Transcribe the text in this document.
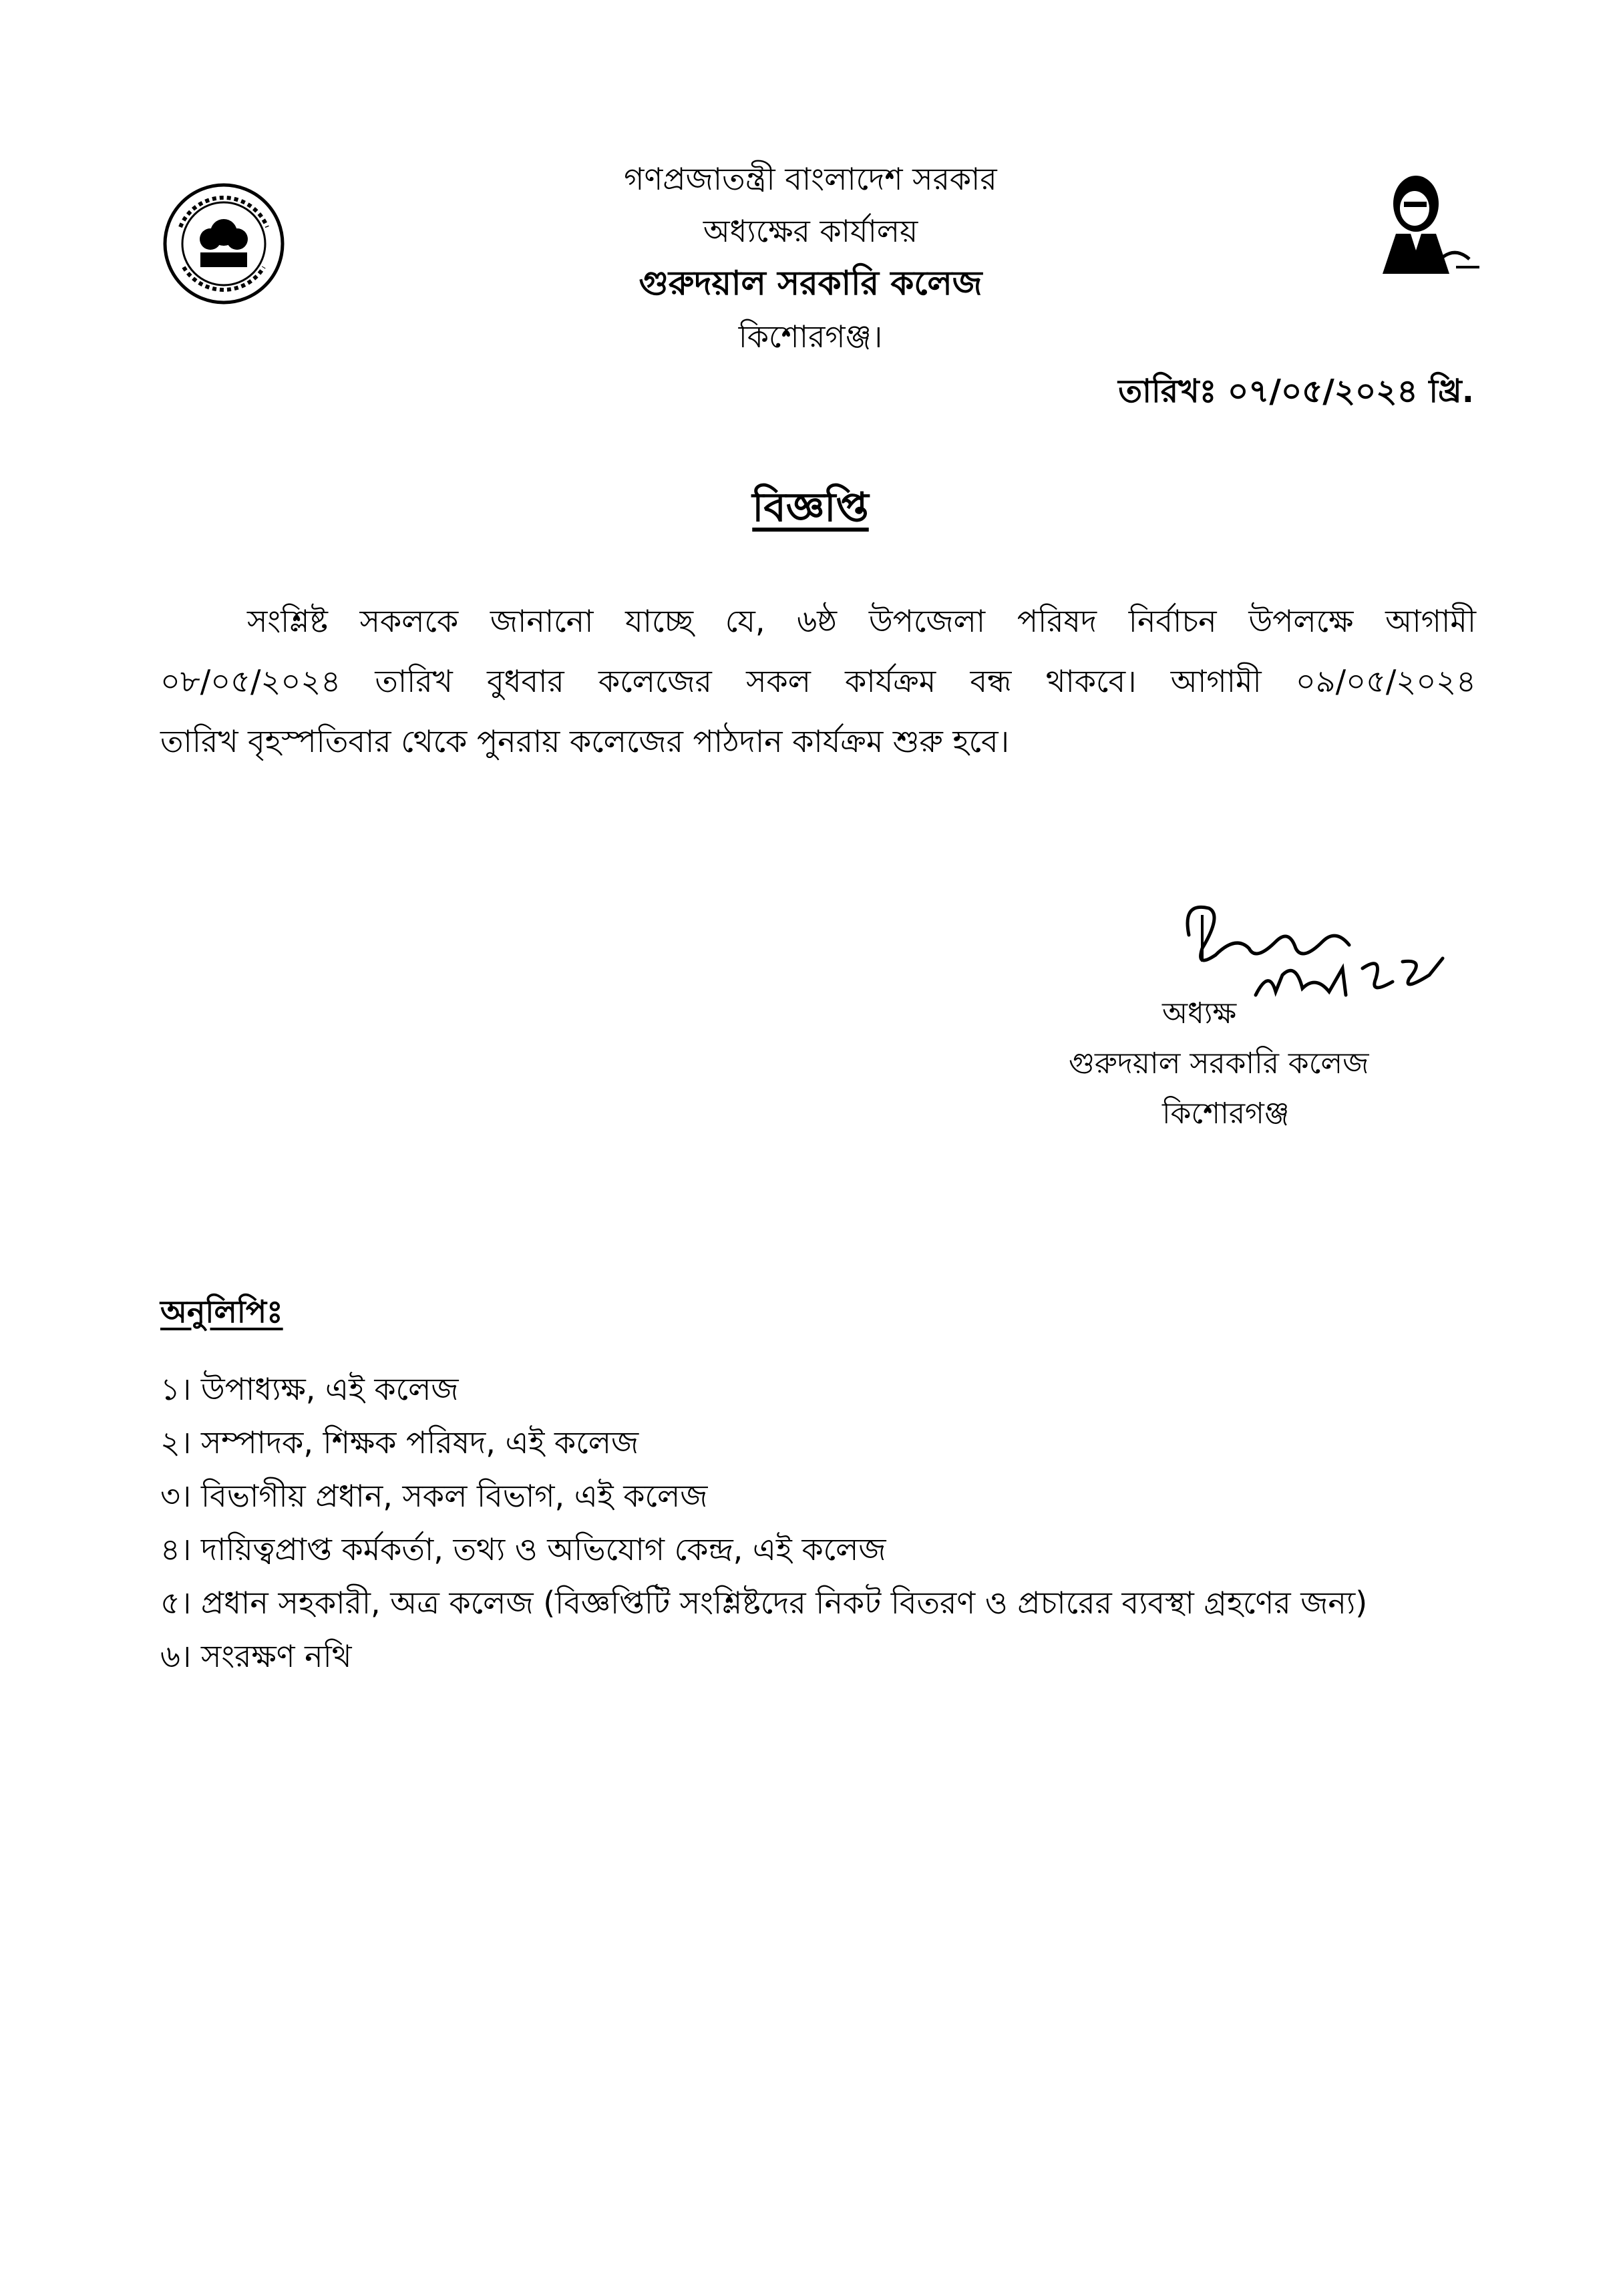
গণপ্রজাতন্ত্রী বাংলাদেশ সরকার
অধ্যক্ষের কার্যালয়
গুরুদয়াল সরকারি কলেজ
কিশোরগঞ্জ।
তারিখঃ ০৭/০৫/২০২৪ খ্রি.
বিজ্ঞপ্তি
সংশ্লিষ্ট সকলকে জানানো যাচ্ছে যে, ৬ষ্ঠ উপজেলা পরিষদ নির্বাচন উপলক্ষে আগামী
০৮/০৫/২০২৪ তারিখ বুধবার কলেজের সকল কার্যক্রম বন্ধ থাকবে। আগামী ০৯/০৫/২০২৪
তারিখ বৃহস্পতিবার থেকে পুনরায় কলেজের পাঠদান কার্যক্রম শুরু হবে।
অধ্যক্ষ
গুরুদয়াল সরকারি কলেজ
কিশোরগঞ্জ
অনুলিপিঃ
১। উপাধ্যক্ষ, এই কলেজ
২। সম্পাদক, শিক্ষক পরিষদ, এই কলেজ
৩। বিভাগীয় প্রধান, সকল বিভাগ, এই কলেজ
৪। দায়িত্বপ্রাপ্ত কর্মকর্তা, তথ্য ও অভিযোগ কেন্দ্র, এই কলেজ
৫। প্রধান সহকারী, অত্র কলেজ (বিজ্ঞপ্তিটি সংশ্লিষ্টদের নিকট বিতরণ ও প্রচারের ব্যবস্থা গ্রহণের জন্য)
৬। সংরক্ষণ নথি
